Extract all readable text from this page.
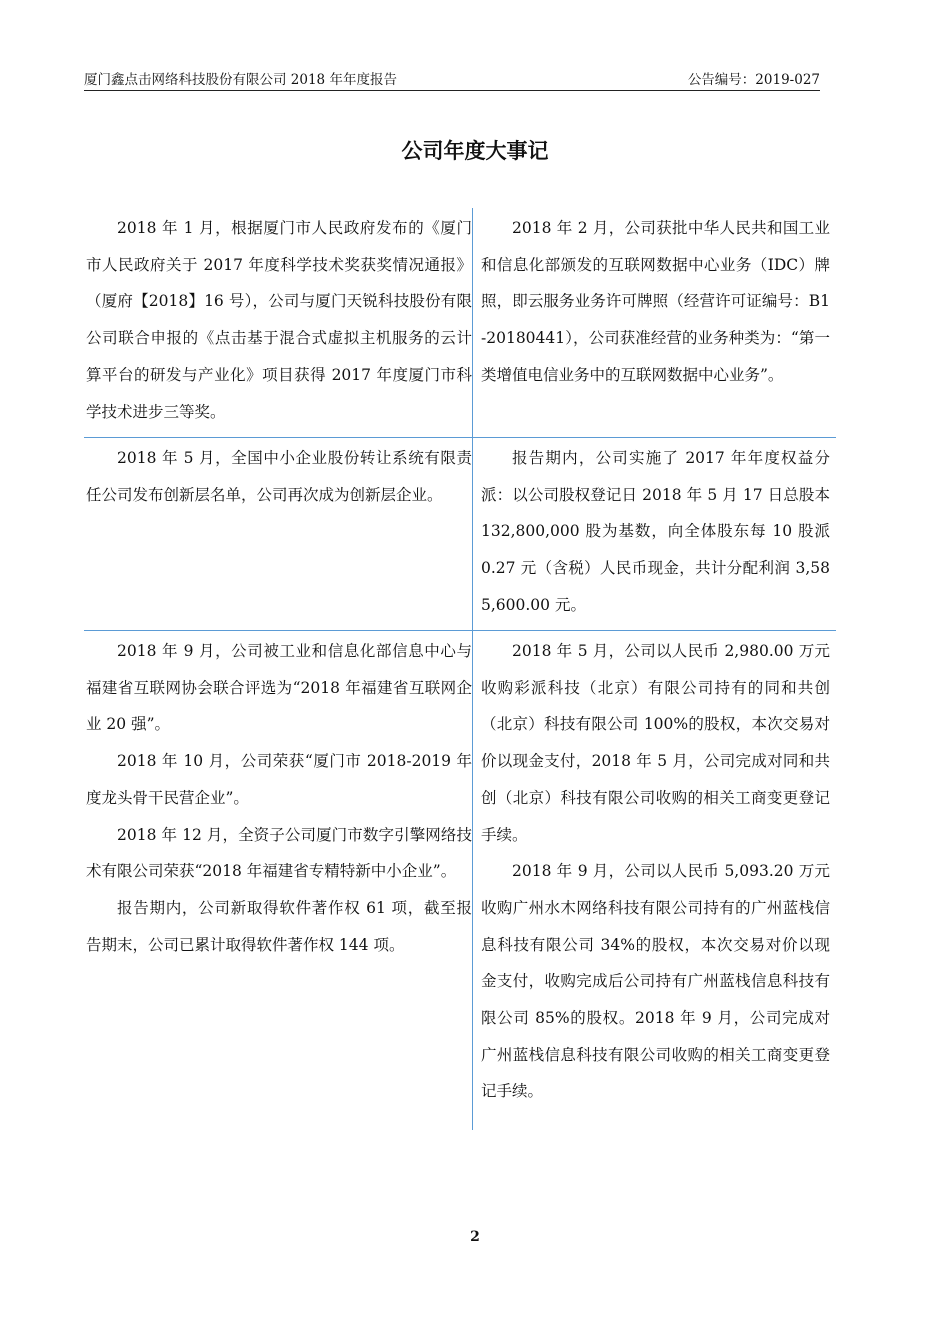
厦门鑫点击网络科技股份有限公司 2018 年年度报告	公告编号：2019-027
公司年度大事记

2018 年 1 月，根据厦门市人民政府发布的《厦门市人民政府关于 2017 年度科学技术奖获奖情况通报》（厦府【2018】16 号），公司与厦门天锐科技股份有限公司联合申报的《点击基于混合式虚拟主机服务的云计算平台的研发与产业化》项目获得 2017 年度厦门市科学技术进步三等奖。

2018 年 2 月，公司获批中华人民共和国工业和信息化部颁发的互联网数据中心业务（IDC）牌照，即云服务业务许可牌照（经营许可证编号：B1-20180441），公司获准经营的业务种类为：“第一类增值电信业务中的互联网数据中心业务”。

2018 年 5 月，全国中小企业股份转让系统有限责任公司发布创新层名单，公司再次成为创新层企业。

报告期内，公司实施了 2017 年年度权益分派：以公司股权登记日 2018 年 5 月 17 日总股本 132,800,000 股为基数，向全体股东每 10 股派 0.27 元（含税）人民币现金，共计分配利润 3,585,600.00 元。

2018 年 9 月，公司被工业和信息化部信息中心与福建省互联网协会联合评选为“2018 年福建省互联网企业 20 强”。

2018 年 10 月，公司荣获“厦门市 2018-2019 年度龙头骨干民营企业”。

2018 年 12 月，全资子公司厦门市数字引擎网络技术有限公司荣获“2018 年福建省专精特新中小企业”。

报告期内，公司新取得软件著作权 61 项，截至报告期末，公司已累计取得软件著作权 144 项。

2018 年 5 月，公司以人民币 2,980.00 万元收购彩派科技（北京）有限公司持有的同和共创（北京）科技有限公司 100%的股权，本次交易对价以现金支付，2018 年 5 月，公司完成对同和共创（北京）科技有限公司收购的相关工商变更登记手续。

2018 年 9 月，公司以人民币 5,093.20 万元收购广州水木网络科技有限公司持有的广州蓝栈信息科技有限公司 34%的股权，本次交易对价以现金支付，收购完成后公司持有广州蓝栈信息科技有限公司 85%的股权。2018 年 9 月，公司完成对广州蓝栈信息科技有限公司收购的相关工商变更登记手续。

2
